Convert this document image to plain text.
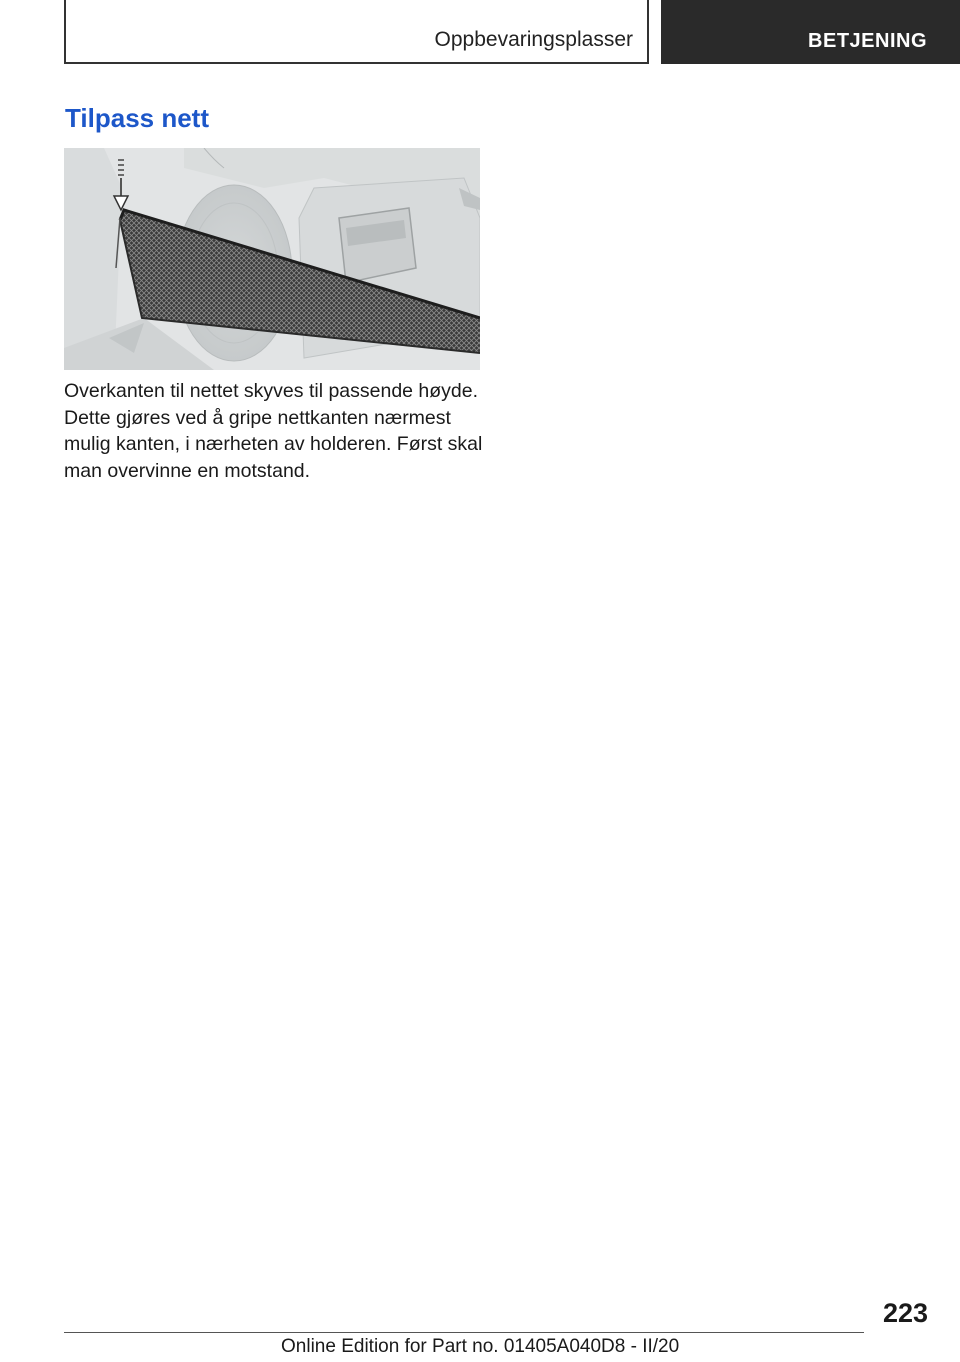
Oppbevaringsplasser	BETJENING
Tilpass nett

Overkanten til nettet skyves til passende høyde. Dette gjøres ved å gripe nettkanten nærmest mulig kanten, i nærheten av holderen. Først skal man overvinne en motstand.

223
Online Edition for Part no. 01405A040D8 - II/20
